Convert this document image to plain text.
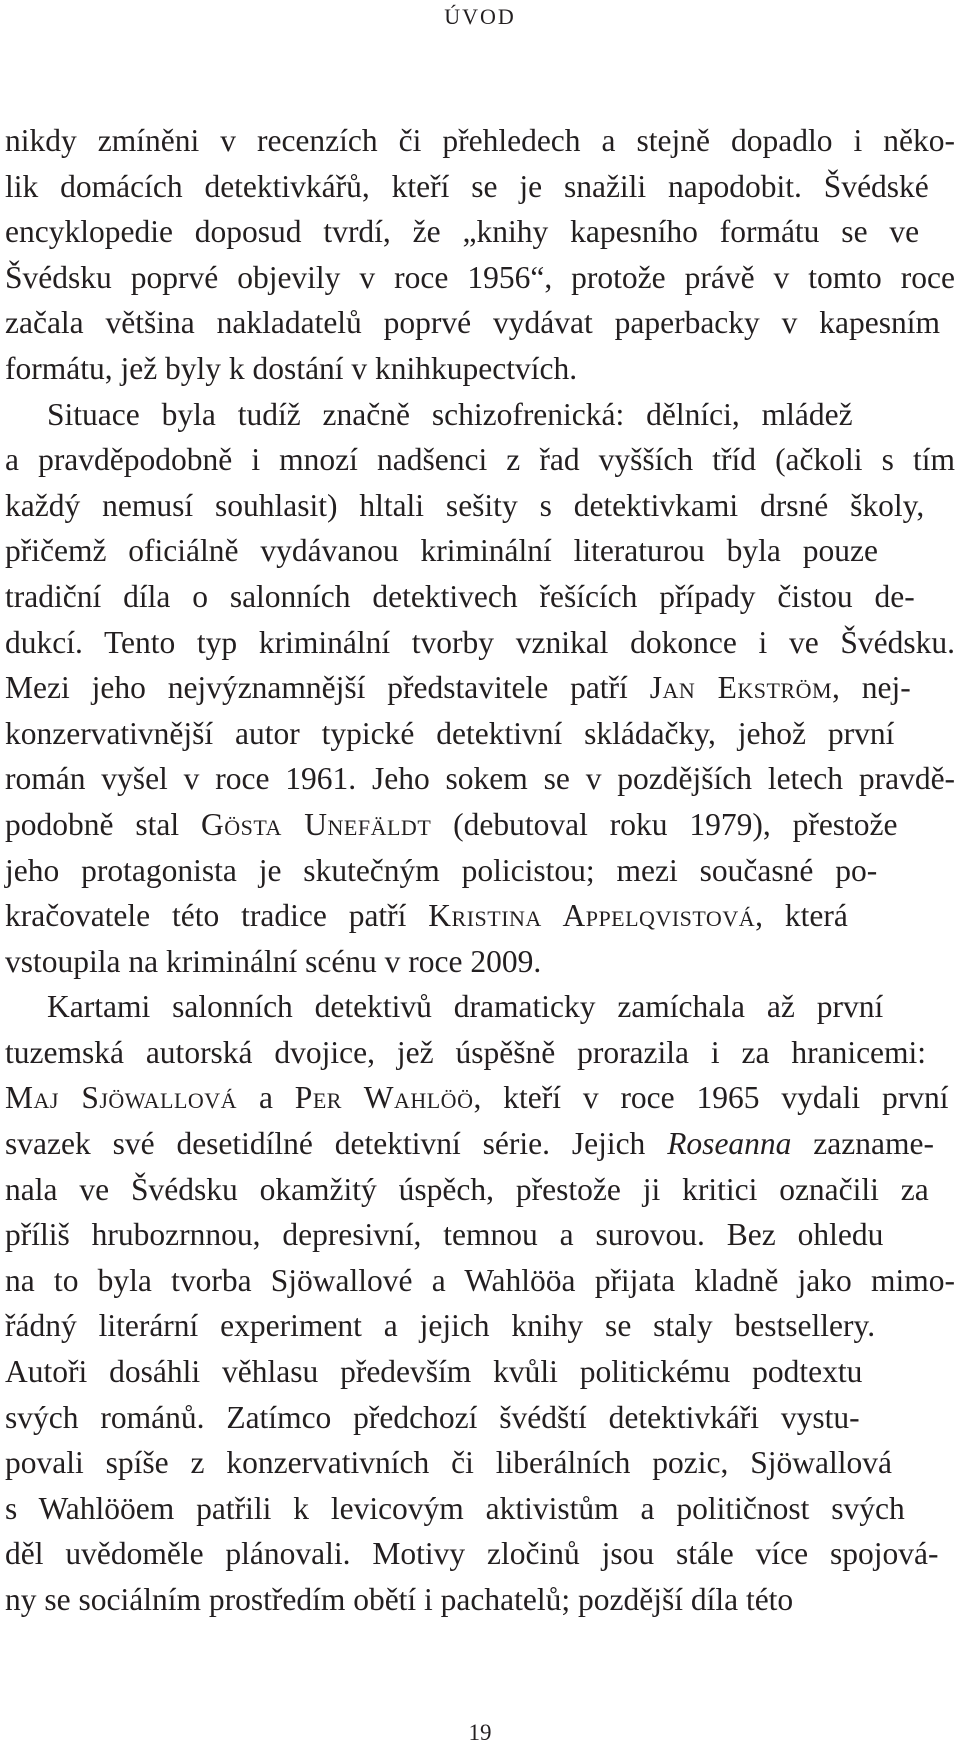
ÚVOD
nikdy zmíněni v recenzích či přehledech a stejně dopadlo i něko-
lik domácích detektivkářů, kteří se je snažili napodobit. Švédské
encyklopedie doposud tvrdí, že „knihy kapesního formátu se ve
Švédsku poprvé objevily v roce 1956“, protože právě v tomto roce
začala většina nakladatelů poprvé vydávat paperbacky v kapesním
formátu, jež byly k dostání v knihkupectvích.
Situace byla tudíž značně schizofrenická: dělníci, mládež
a pravděpodobně i mnozí nadšenci z řad vyšších tříd (ačkoli s tím
každý nemusí souhlasit) hltali sešity s detektivkami drsné školy,
přičemž oficiálně vydávanou kriminální literaturou byla pouze
tradiční díla o salonních detektivech řešících případy čistou de-
dukcí. Tento typ kriminální tvorby vznikal dokonce i ve Švédsku.
Mezi jeho nejvýznamnější představitele patří Jan Ekström, nej-
konzervativnější autor typické detektivní skládačky, jehož první
román vyšel v roce 1961. Jeho sokem se v pozdějších letech pravdě-
podobně stal Gösta Unefäldt (debutoval roku 1979), přestože
jeho protagonista je skutečným policistou; mezi současné po-
kračovatele této tradice patří Kristina Appelqvistová, která
vstoupila na kriminální scénu v roce 2009.
Kartami salonních detektivů dramaticky zamíchala až první
tuzemská autorská dvojice, jež úspěšně prorazila i za hranicemi:
Maj Sjöwallová a Per Wahlöö, kteří v roce 1965 vydali první
svazek své desetidílné detektivní série. Jejich Roseanna zazname-
nala ve Švédsku okamžitý úspěch, přestože ji kritici označili za
příliš hrubozrnnou, depresivní, temnou a surovou. Bez ohledu
na to byla tvorba Sjöwallové a Wahlööa přijata kladně jako mimo-
řádný literární experiment a jejich knihy se staly bestsellery.
Autoři dosáhli věhlasu především kvůli politickému podtextu
svých románů. Zatímco předchozí švédští detektivkáři vystu-
povali spíše z konzervativních či liberálních pozic, Sjöwallová
s Wahlööem patřili k levicovým aktivistům a političnost svých
děl uvědoměle plánovali. Motivy zločinů jsou stále více spojová-
ny se sociálním prostředím obětí i pachatelů; pozdější díla této
19
